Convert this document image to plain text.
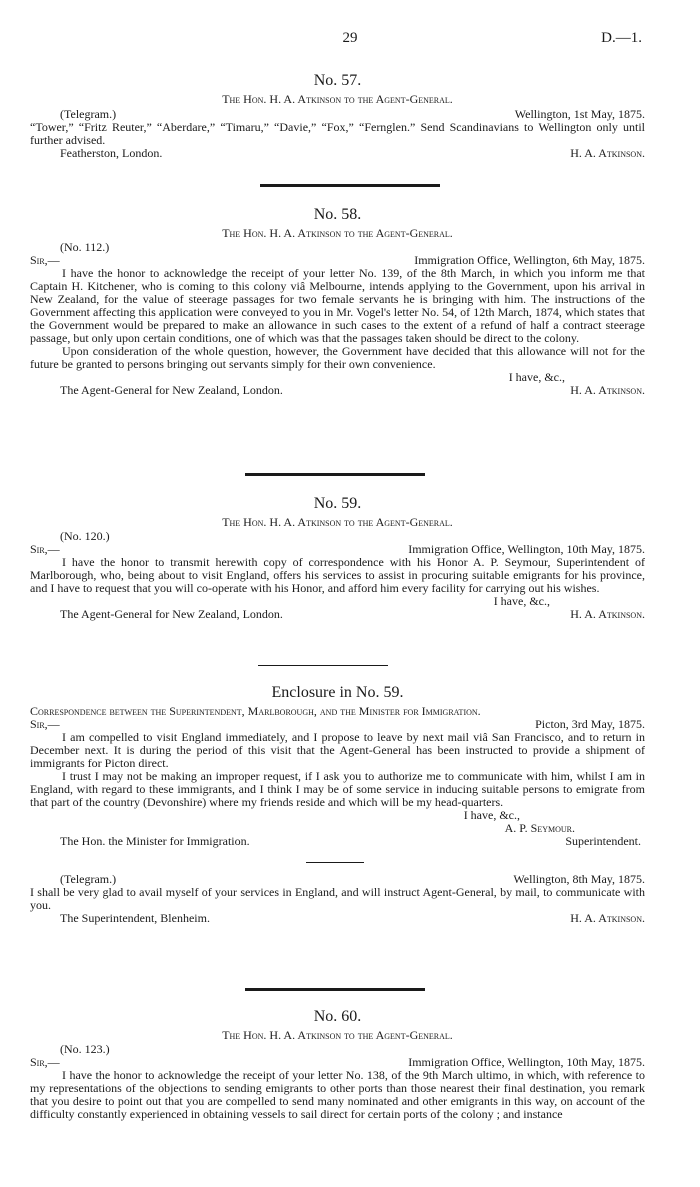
29	D.—1.
No. 57.
The Hon. H. A. Atkinson to the Agent-General.
(Telegram.)	Wellington, 1st May, 1875.

“Tower,” “Fritz Reuter,” “Aberdare,” “Timaru,” “Davie,” “Fox,” “Fernglen.” Send Scandinavians to Wellington only until further advised.

Featherston, London.	H. A. Atkinson.
No. 58.
The Hon. H. A. Atkinson to the Agent-General.
(No. 112.)
Sir,—	Immigration Office, Wellington, 6th May, 1875.

I have the honor to acknowledge the receipt of your letter No. 139, of the 8th March, in which you inform me that Captain H. Kitchener, who is coming to this colony viâ Melbourne, intends applying to the Government, upon his arrival in New Zealand, for the value of steerage passages for two female servants he is bringing with him. The instructions of the Government affecting this application were conveyed to you in Mr. Vogel's letter No. 54, of 12th March, 1874, which states that the Government would be prepared to make an allowance in such cases to the extent of a refund of half a contract steerage passage, but only upon certain conditions, one of which was that the passages taken should be direct to the colony.

Upon consideration of the whole question, however, the Government have decided that this allowance will not for the future be granted to persons bringing out servants simply for their own convenience.

I have, &c.,
The Agent-General for New Zealand, London.	H. A. Atkinson.
No. 59.
The Hon. H. A. Atkinson to the Agent-General.
(No. 120.)
Sir,—	Immigration Office, Wellington, 10th May, 1875.

I have the honor to transmit herewith copy of correspondence with his Honor A. P. Seymour, Superintendent of Marlborough, who, being about to visit England, offers his services to assist in procuring suitable emigrants for his province, and I have to request that you will co-operate with his Honor, and afford him every facility for carrying out his wishes.

I have, &c.,
The Agent-General for New Zealand, London.	H. A. Atkinson.
Enclosure in No. 59.
Correspondence between the Superintendent, Marlborough, and the Minister for Immigration.
Sir,—	Picton, 3rd May, 1875.

I am compelled to visit England immediately, and I propose to leave by next mail viâ San Francisco, and to return in December next. It is during the period of this visit that the Agent-General has been instructed to provide a shipment of immigrants for Picton direct.

I trust I may not be making an improper request, if I ask you to authorize me to communicate with him, whilst I am in England, with regard to these immigrants, and I think I may be of some service in inducing suitable persons to emigrate from that part of the country (Devonshire) where my friends reside and which will be my head-quarters.

I have, &c.,
A. P. Seymour.
The Hon. the Minister for Immigration.	Superintendent.
(Telegram.)	Wellington, 8th May, 1875.

I shall be very glad to avail myself of your services in England, and will instruct Agent-General, by mail, to communicate with you.

The Superintendent, Blenheim.	H. A. Atkinson.
No. 60.
The Hon. H. A. Atkinson to the Agent-General.
(No. 123.)
Sir,—	Immigration Office, Wellington, 10th May, 1875.

I have the honor to acknowledge the receipt of your letter No. 138, of the 9th March ultimo, in which, with reference to my representations of the objections to sending emigrants to other ports than those nearest their final destination, you remark that you desire to point out that you are compelled to send many nominated and other emigrants in this way, on account of the difficulty constantly experienced in obtaining vessels to sail direct for certain ports of the colony ; and instance
